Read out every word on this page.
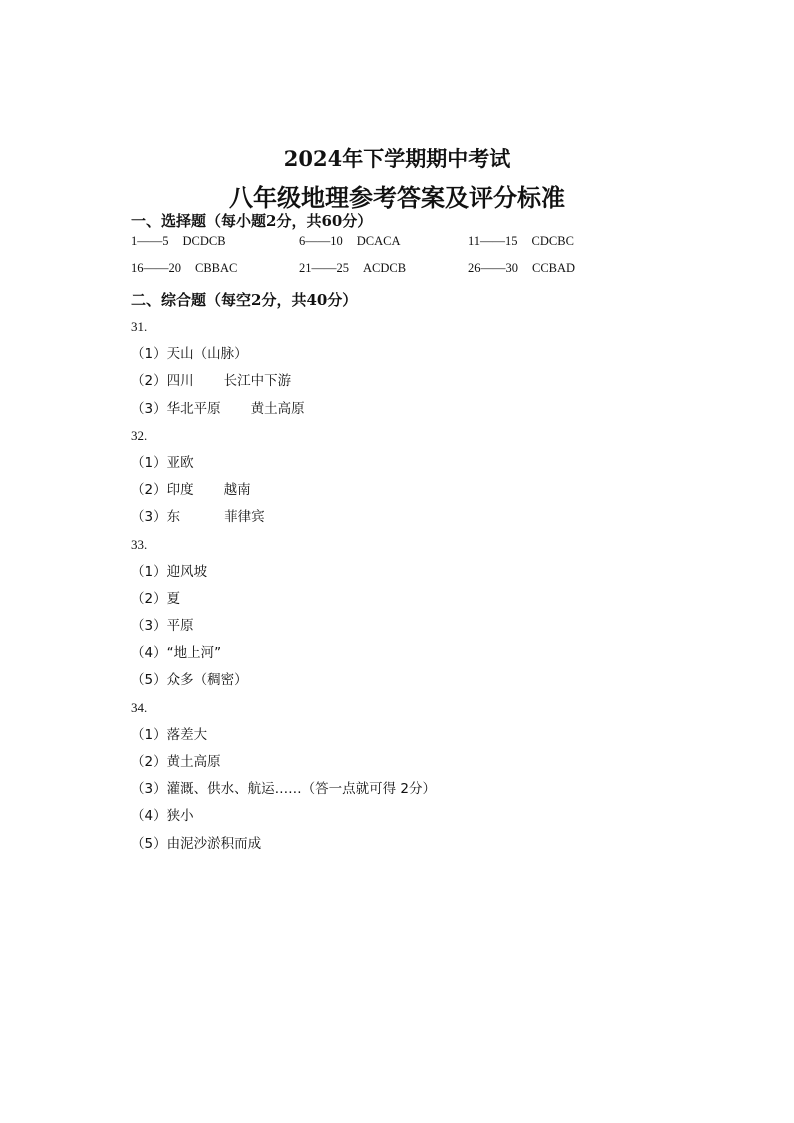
2024年下学期期中考试
八年级地理参考答案及评分标准
一、选择题（每小题2分，共60分）
1——5 DCDCB	6——10 DCACA	11——15 CDCBC
16——20 CBBAC	21——25 ACDCB	26——30 CCBAD
二、综合题（每空2分，共40分）
31.
（1）天山（山脉）
（2）四川 长江中下游
（3）华北平原 黄土高原
32.
（1）亚欧
（2）印度 越南
（3）东	菲律宾
33.
（1）迎风坡
（2）夏
（3）平原
（4）“地上河”
（5）众多（稠密）
34.
（1）落差大
（2）黄土高原
（3）灌溉、供水、航运……（答一点就可得 2分）
（4）狭小
（5）由泥沙淤积而成
